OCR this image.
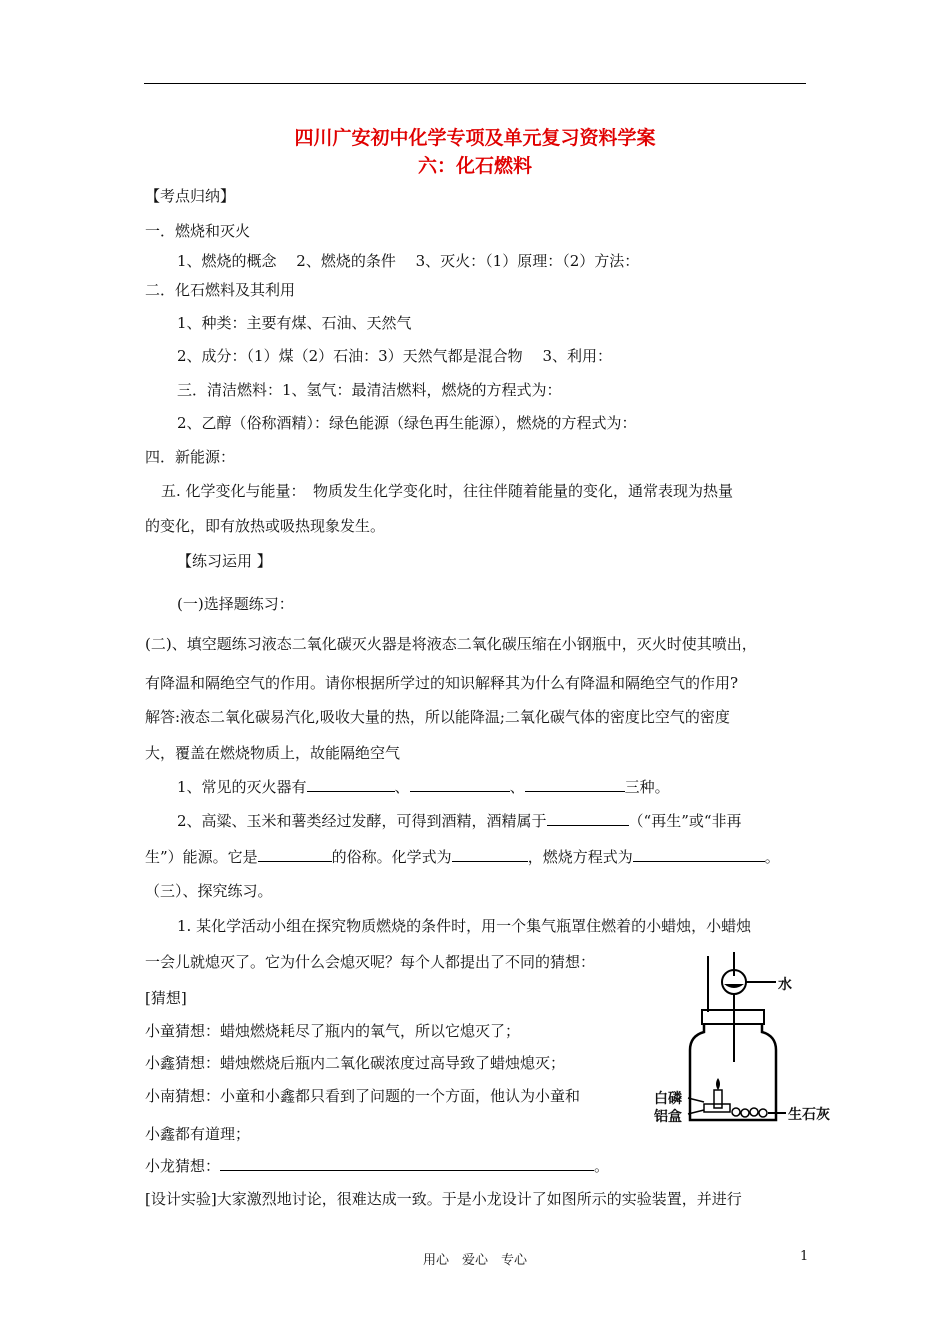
四川广安初中化学专项及单元复习资料学案
六：化石燃料
【考点归纳】
一．燃烧和灭火
1、燃烧的概念　 2、燃烧的条件　 3、灭火：（1）原理：（2）方法：
二．化石燃料及其利用
1、种类：主要有煤、石油、天然气
2、成分：（1）煤（2）石油：3）天然气都是混合物　 3、利用：
三．清洁燃料：1、氢气：最清洁燃料，燃烧的方程式为：
2、乙醇（俗称酒精）：绿色能源（绿色再生能源），燃烧的方程式为：
四．新能源：
五. 化学变化与能量：　物质发生化学变化时，往往伴随着能量的变化，通常表现为热量
的变化，即有放热或吸热现象发生。
【练习运用 】
(一)选择题练习：
(二)、填空题练习液态二氧化碳灭火器是将液态二氧化碳压缩在小钢瓶中，灭火时使其喷出，
有降温和隔绝空气的作用。请你根据所学过的知识解释其为什么有降温和隔绝空气的作用?
解答:液态二氧化碳易汽化,吸收大量的热，所以能降温;二氧化碳气体的密度比空气的密度
大，覆盖在燃烧物质上，故能隔绝空气
1、常见的灭火器有	、	、	三种。
2、高粱、玉米和薯类经过发酵，可得到酒精，酒精属于	（“再生”或“非再
生”）能源。它是	的俗称。化学式为	，燃烧方程式为	。
（三）、探究练习。
1. 某化学活动小组在探究物质燃烧的条件时，用一个集气瓶罩住燃着的小蜡烛，小蜡烛
一会儿就熄灭了。它为什么会熄灭呢？每个人都提出了不同的猜想：
[猜想]
小童猜想：蜡烛燃烧耗尽了瓶内的氧气，所以它熄灭了；
小鑫猜想：蜡烛燃烧后瓶内二氧化碳浓度过高导致了蜡烛熄灭；
小南猜想：小童和小鑫都只看到了问题的一个方面，他认为小童和
小鑫都有道理；
小龙猜想：	。
[设计实验]大家激烈地讨论，很难达成一致。于是小龙设计了如图所示的实验装置，并进行
水
白磷
铝盒	生石灰
用心　爱心　专心	1
